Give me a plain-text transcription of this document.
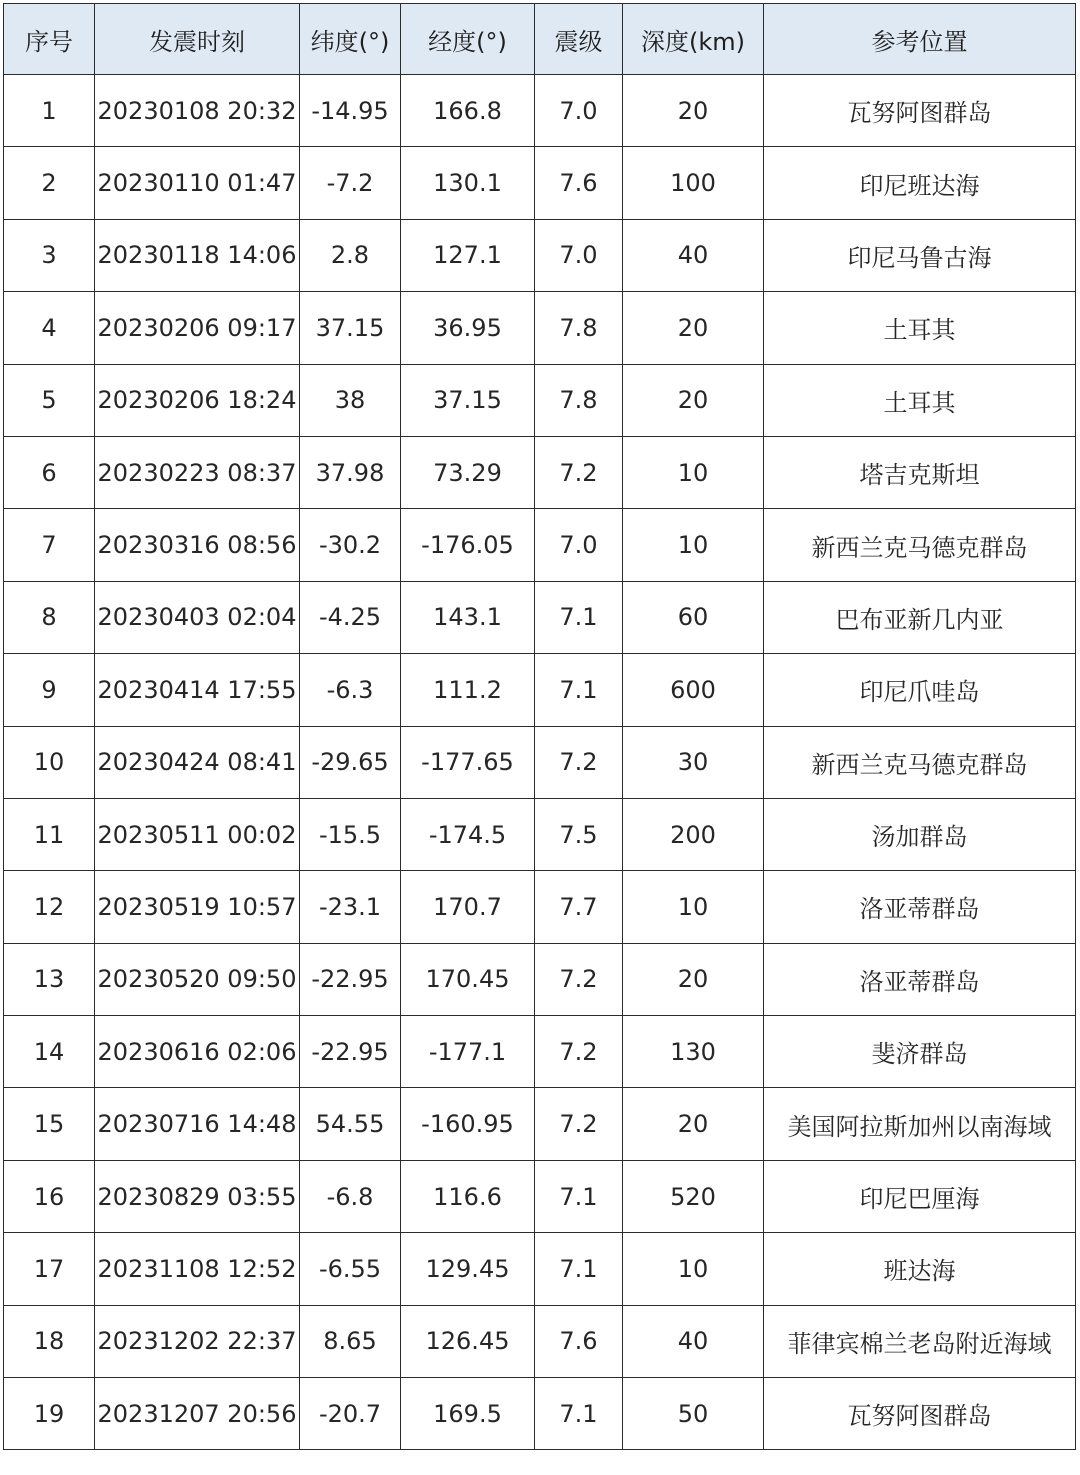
序号	发震时刻	纬度(°)	经度(°)	震级	深度(km)	参考位置
1	20230108 20:32	-14.95	166.8	7.0	20	瓦努阿图群岛
2	20230110 01:47	-7.2	130.1	7.6	100	印尼班达海
3	20230118 14:06	2.8	127.1	7.0	40	印尼马鲁古海
4	20230206 09:17	37.15	36.95	7.8	20	土耳其
5	20230206 18:24	38	37.15	7.8	20	土耳其
6	20230223 08:37	37.98	73.29	7.2	10	塔吉克斯坦
7	20230316 08:56	-30.2	-176.05	7.0	10	新西兰克马德克群岛
8	20230403 02:04	-4.25	143.1	7.1	60	巴布亚新几内亚
9	20230414 17:55	-6.3	111.2	7.1	600	印尼爪哇岛
10	20230424 08:41	-29.65	-177.65	7.2	30	新西兰克马德克群岛
11	20230511 00:02	-15.5	-174.5	7.5	200	汤加群岛
12	20230519 10:57	-23.1	170.7	7.7	10	洛亚蒂群岛
13	20230520 09:50	-22.95	170.45	7.2	20	洛亚蒂群岛
14	20230616 02:06	-22.95	-177.1	7.2	130	斐济群岛
15	20230716 14:48	54.55	-160.95	7.2	20	美国阿拉斯加州以南海域
16	20230829 03:55	-6.8	116.6	7.1	520	印尼巴厘海
17	20231108 12:52	-6.55	129.45	7.1	10	班达海
18	20231202 22:37	8.65	126.45	7.6	40	菲律宾棉兰老岛附近海域
19	20231207 20:56	-20.7	169.5	7.1	50	瓦努阿图群岛
